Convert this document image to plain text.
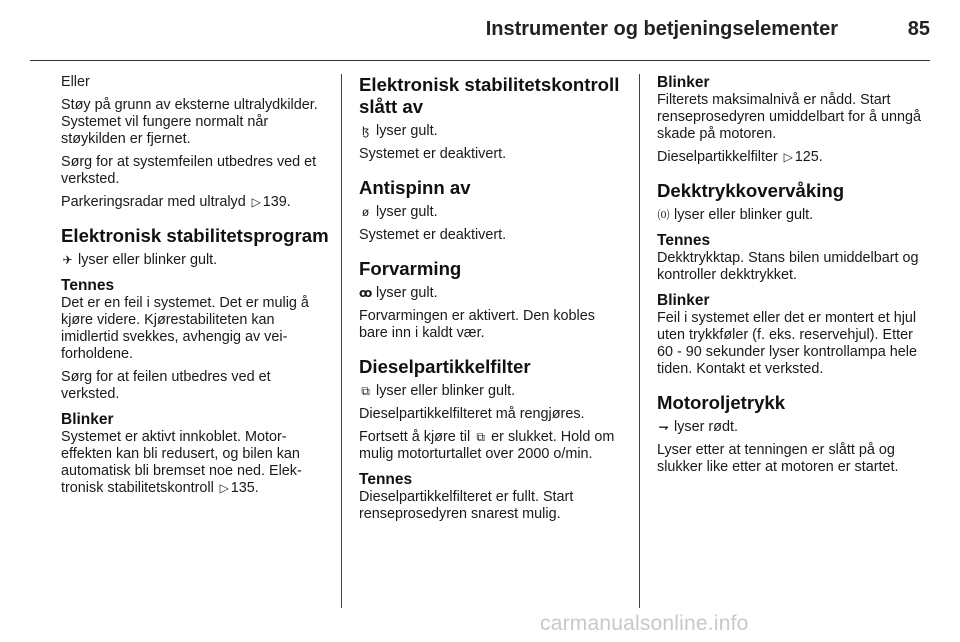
Instrumenter og betjeningselementer	85

Eller

Støy på grunn av eksterne ultralydkilder. Systemet vil fungere normalt når støykilden er fjernet.

Sørg for at systemfeilen utbedres ved et verksted.

Parkeringsradar med ultralyd ▷ 139.

Elektronisk stabilitetsprogram

✈ lyser eller blinker gult.

Tennes

Det er en feil i systemet. Det er mulig å kjøre videre. Kjørestabiliteten kan imidlertid svekkes, avhengig av veiforholdene.

Sørg for at feilen utbedres ved et verksted.

Blinker

Systemet er aktivt innkoblet. Motoreffekten kan bli redusert, og bilen kan automatisk bli bremset noe ned. Elektronisk stabilitetskontroll ▷ 135.

Elektronisk stabilitetskontroll slått av

ɮ lyser gult.

Systemet er deaktivert.

Antispinn av

ø lyser gult.

Systemet er deaktivert.

Forvarming

ꝏ lyser gult.

Forvarmingen er aktivert. Den kobles bare inn i kaldt vær.

Dieselpartikkelfilter

⧉ lyser eller blinker gult.

Dieselpartikkelfilteret må rengjøres.

Fortsett å kjøre til ⧉ er slukket. Hold om mulig motorturtallet over 2000 o/min.

Tennes

Dieselpartikkelfilteret er fullt. Start renseprosedyren snarest mulig.

Blinker

Filterets maksimalnivå er nådd. Start renseprosedyren umiddelbart for å unngå skade på motoren.

Dieselpartikkelfilter ▷ 125.

Dekktrykkovervåking

⒪ lyser eller blinker gult.

Tennes

Dekktrykktap. Stans bilen umiddelbart og kontroller dekktrykket.

Blinker

Feil i systemet eller det er montert et hjul uten trykkføler (f. eks. reservehjul). Etter 60 - 90 sekunder lyser kontrollampa hele tiden. Kontakt et verksted.

Motoroljetrykk

⇁ lyser rødt.

Lyser etter at tenningen er slått på og slukker like etter at motoren er startet.

carmanualsonline.info
